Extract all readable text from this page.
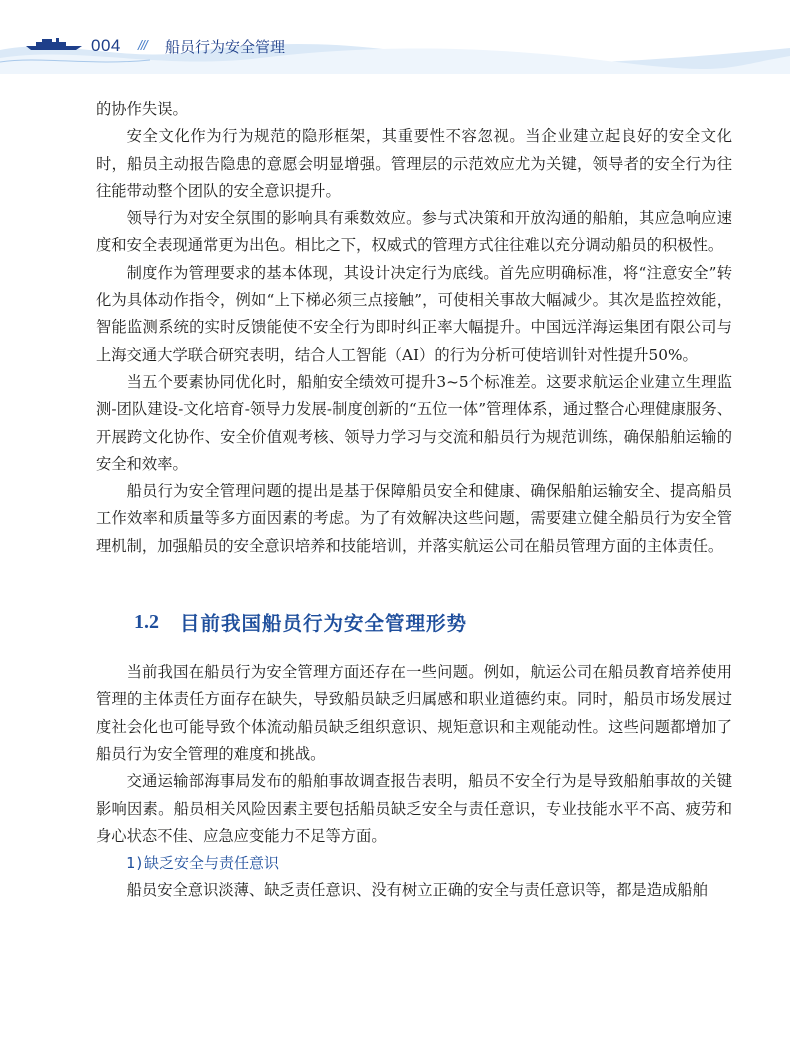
004 /// 船员行为安全管理

的协作失误。

安全文化作为行为规范的隐形框架，其重要性不容忽视。当企业建立起良好的安全文化时，船员主动报告隐患的意愿会明显增强。管理层的示范效应尤为关键，领导者的安全行为往往能带动整个团队的安全意识提升。

领导行为对安全氛围的影响具有乘数效应。参与式决策和开放沟通的船舶，其应急响应速度和安全表现通常更为出色。相比之下，权威式的管理方式往往难以充分调动船员的积极性。

制度作为管理要求的基本体现，其设计决定行为底线。首先应明确标准，将“注意安全”转化为具体动作指令，例如“上下梯必须三点接触”，可使相关事故大幅减少。其次是监控效能，智能监测系统的实时反馈能使不安全行为即时纠正率大幅提升。中国远洋海运集团有限公司与上海交通大学联合研究表明，结合人工智能（AI）的行为分析可使培训针对性提升50%。

当五个要素协同优化时，船舶安全绩效可提升3~5个标准差。这要求航运企业建立生理监测-团队建设-文化培育-领导力发展-制度创新的“五位一体”管理体系，通过整合心理健康服务、开展跨文化协作、安全价值观考核、领导力学习与交流和船员行为规范训练，确保船舶运输的安全和效率。

船员行为安全管理问题的提出是基于保障船员安全和健康、确保船舶运输安全、提高船员工作效率和质量等多方面因素的考虑。为了有效解决这些问题，需要建立健全船员行为安全管理机制，加强船员的安全意识培养和技能培训，并落实航运公司在船员管理方面的主体责任。

1.2	目前我国船员行为安全管理形势

当前我国在船员行为安全管理方面还存在一些问题。例如，航运公司在船员教育培养使用管理的主体责任方面存在缺失，导致船员缺乏归属感和职业道德约束。同时，船员市场发展过度社会化也可能导致个体流动船员缺乏组织意识、规矩意识和主观能动性。这些问题都增加了船员行为安全管理的难度和挑战。

交通运输部海事局发布的船舶事故调查报告表明，船员不安全行为是导致船舶事故的关键影响因素。船员相关风险因素主要包括船员缺乏安全与责任意识，专业技能水平不高、疲劳和身心状态不佳、应急应变能力不足等方面。

1)缺乏安全与责任意识

船员安全意识淡薄、缺乏责任意识、没有树立正确的安全与责任意识等，都是造成船舶
